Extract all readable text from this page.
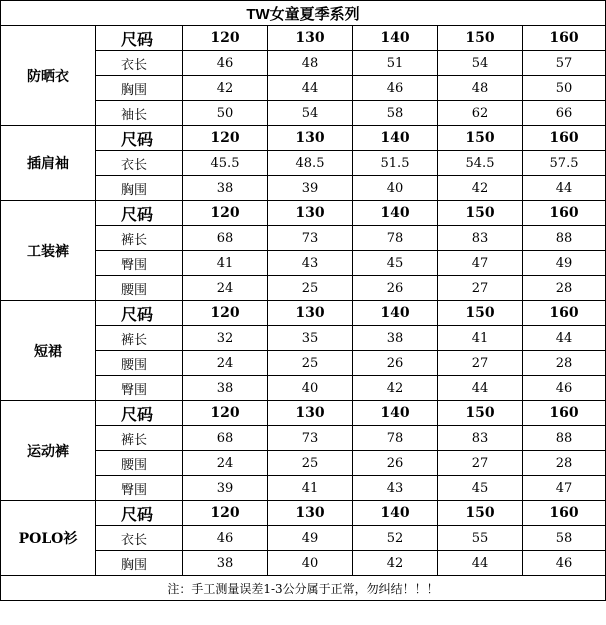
TW女童夏季系列						
防晒衣	尺码	120	130	140	150	160
	衣长	46	48	51	54	57
	胸围	42	44	46	48	50
	袖长	50	54	58	62	66
插肩袖	尺码	120	130	140	150	160
	衣长	45.5	48.5	51.5	54.5	57.5
	胸围	38	39	40	42	44
工装裤	尺码	120	130	140	150	160
	裤长	68	73	78	83	88
	臀围	41	43	45	47	49
	腰围	24	25	26	27	28
短裙	尺码	120	130	140	150	160
	裤长	32	35	38	41	44
	腰围	24	25	26	27	28
	臀围	38	40	42	44	46
运动裤	尺码	120	130	140	150	160
	裤长	68	73	78	83	88
	腰围	24	25	26	27	28
	臀围	39	41	43	45	47
POLO衫	尺码	120	130	140	150	160
	衣长	46	49	52	55	58
	胸围	38	40	42	44	46
注：手工测量误差1-3公分属于正常，勿纠结！！！						
